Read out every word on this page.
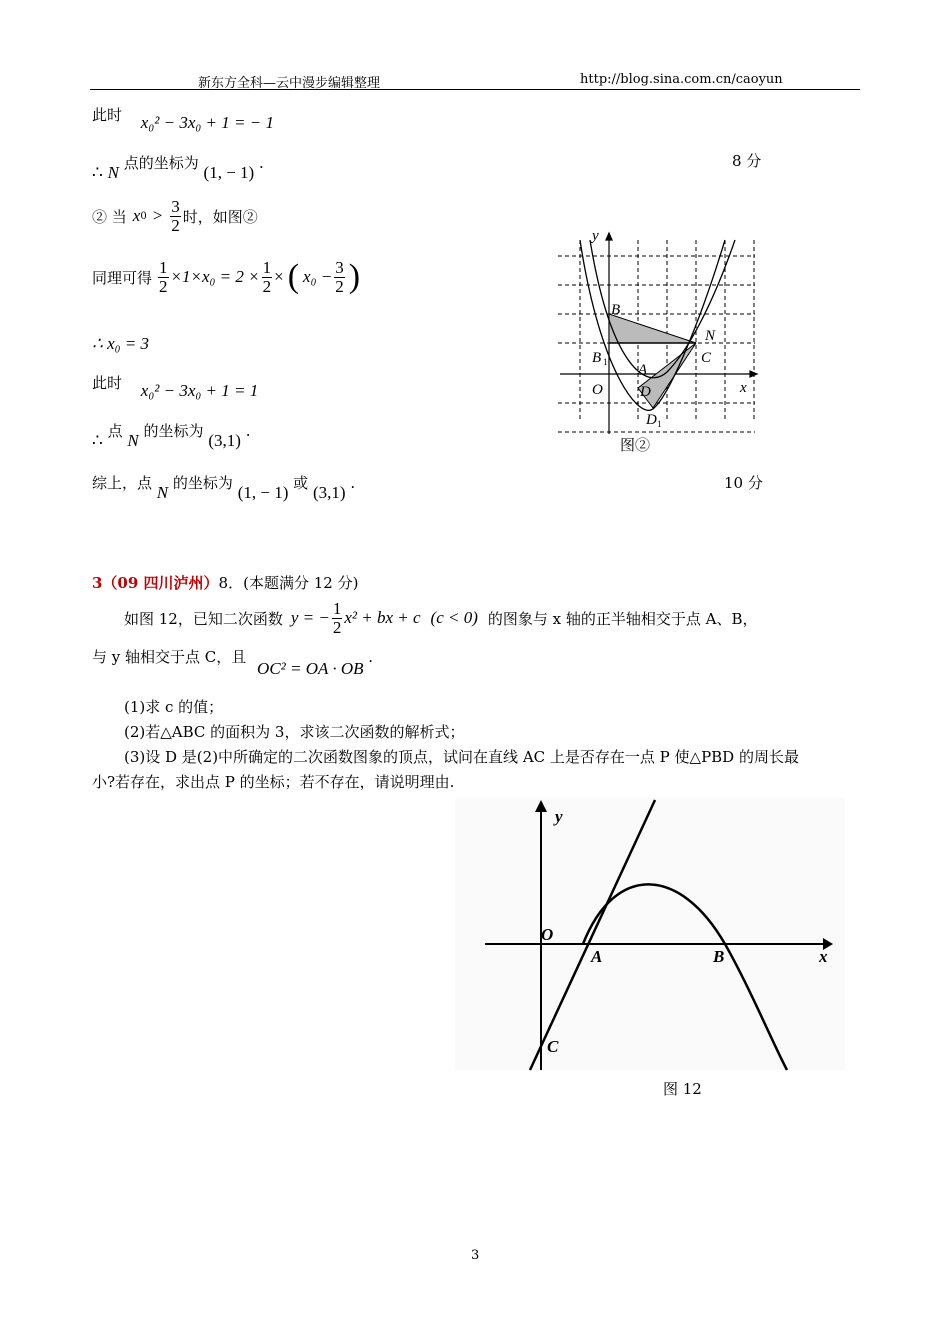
新东方全科—云中漫步编辑整理	http://blog.sina.com.cn/caoyun
此时 x₀² − 3x₀ + 1 = − 1
∴ N 点的坐标为 (1, − 1) .	8 分
② 当 x $0 > \frac{3}{2}$ 时，如图②
同理可得 $\frac{1}{2} \times 1\times x_0 = 2 \times \frac{1}{2}$ × ( $x_0 - \frac{3}{2}$ )
∴ x₀ = 3
此时 x₀² − 3x₀ + 1 = 1
∴ 点 N 的坐标为 (3,1) .
综上，点 N 的坐标为 (1, − 1) 或 (3,1) .	10 分
y
x
O
B
B 1
N
C
A
D
D 1
图②
3（09 四川泸州）8．(本题满分 12 分)
如图 12，已知二次函数 y = − $\frac{1}{2} x^2$ + bx + c (c < 0) 的图象与 x 轴的正半轴相交于点 A、B，
与 y 轴相交于点 C，且 OC² = OA · OB .
(1)求 c 的值；
(2)若△ABC 的面积为 3，求该二次函数的解析式；
(3)设 D 是(2)中所确定的二次函数图象的顶点，试问在直线 AC 上是否存在一点 P 使△PBD 的周长最
小?若存在，求出点 P 的坐标；若不存在，请说明理由.
y
x
O
A	B
C
图 12
3
